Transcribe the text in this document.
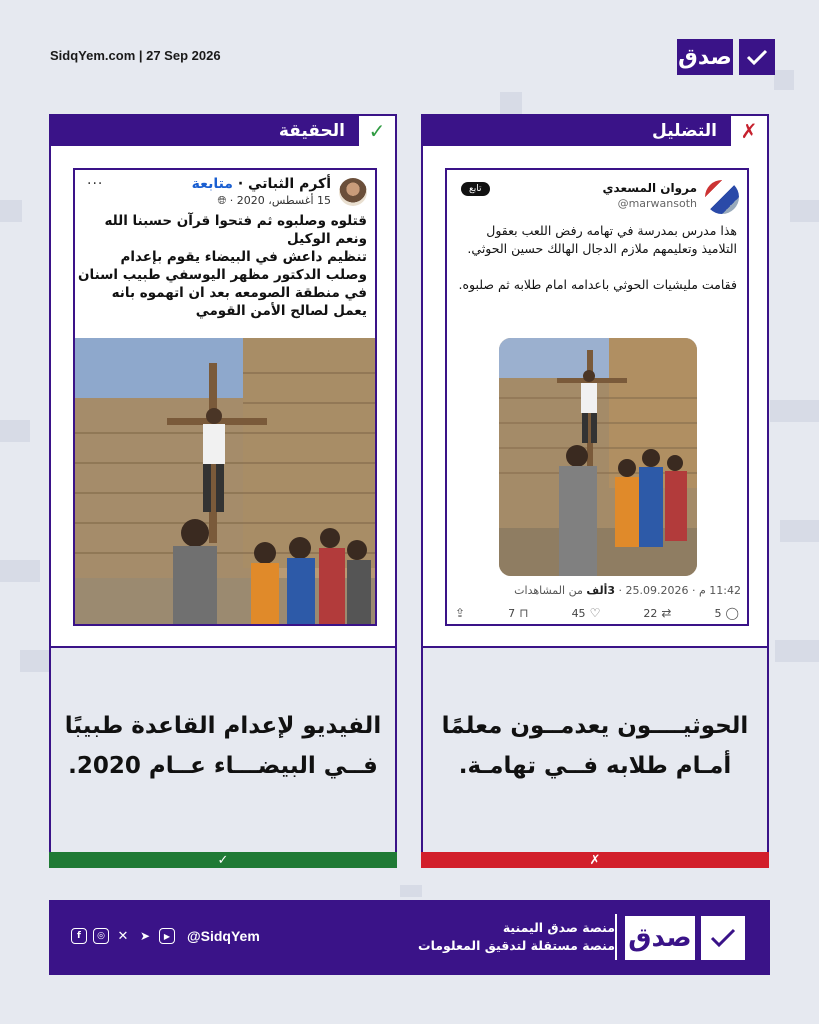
SidqYem.com | 27 Sep 2026	صدق
الحقيقة	✓
أكرم الثباتي · متابعة
15 أغسطس، 2020 · 🌐︎
···

قتلوه وصلبوه ثم فتحوا قرآن حسبنا الله ونعم الوكيل

تنظيم داعش في البيضاء يقوم بإعدام وصلب الدكتور مظهر اليوسفي طبيب اسنان في منطقة الصومعه بعد ان اتهموه بانه يعمل لصالح الأمن القومي

الفيديو لإعدام القاعدة طبيبًا
فــي البيضـــاء عــام 2020.
✓
التضليل	✗
مروان المسعدي
@marwansoth
تابع

هذا مدرس بمدرسة في تهامه رفض اللعب بعقول التلاميذ وتعليمهم ملازم الدجال الهالك حسين الحوثي.

فقامت مليشيات الحوثي باعدامه امام طلابه ثم صلبوه.

11:42 م · 25.09.2026 · 3ألف من المشاهدات
⇪	7 ⊓	45 ♡	22 ⇄	5 ◯
الحوثيــــون يعدمــون معلمًا
أمـام طلابه فــي تهامـة.
✗
f	◎ ✕ ➤	▶	@SidqYem
منصة صدق اليمنية
منصة مستقلة لتدقيق المعلومات صدق
